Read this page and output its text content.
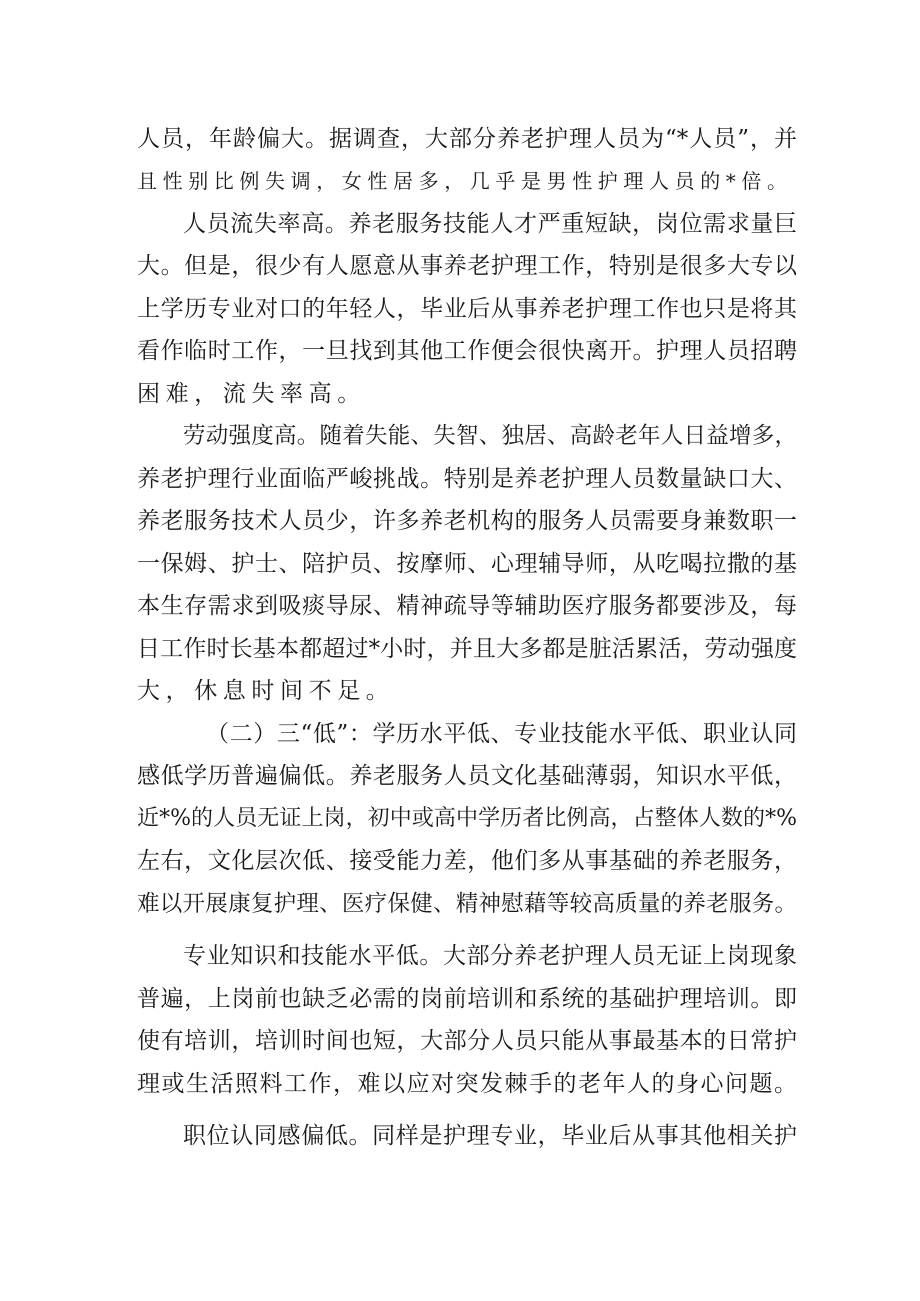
人员，年龄偏大。据调查，大部分养老护理人员为“*人员”，并
且性别比例失调，女性居多，几乎是男性护理人员的*倍。
人员流失率高。养老服务技能人才严重短缺，岗位需求量巨
大。但是，很少有人愿意从事养老护理工作，特别是很多大专以
上学历专业对口的年轻人，毕业后从事养老护理工作也只是将其
看作临时工作，一旦找到其他工作便会很快离开。护理人员招聘
困难，流失率高。
劳动强度高。随着失能、失智、独居、高龄老年人日益增多，
养老护理行业面临严峻挑战。特别是养老护理人员数量缺口大、
养老服务技术人员少，许多养老机构的服务人员需要身兼数职一
一保姆、护士、陪护员、按摩师、心理辅导师，从吃喝拉撒的基
本生存需求到吸痰导尿、精神疏导等辅助医疗服务都要涉及，每
日工作时长基本都超过*小时，并且大多都是脏活累活，劳动强度
大，休息时间不足。
（二）三“低”：学历水平低、专业技能水平低、职业认同
感低学历普遍偏低。养老服务人员文化基础薄弱，知识水平低，
近*%的人员无证上岗，初中或高中学历者比例高，占整体人数的*%
左右，文化层次低、接受能力差，他们多从事基础的养老服务，
难以开展康复护理、医疗保健、精神慰藉等较高质量的养老服务。
专业知识和技能水平低。大部分养老护理人员无证上岗现象
普遍，上岗前也缺乏必需的岗前培训和系统的基础护理培训。即
使有培训，培训时间也短，大部分人员只能从事最基本的日常护
理或生活照料工作，难以应对突发棘手的老年人的身心问题。
职位认同感偏低。同样是护理专业，毕业后从事其他相关护
